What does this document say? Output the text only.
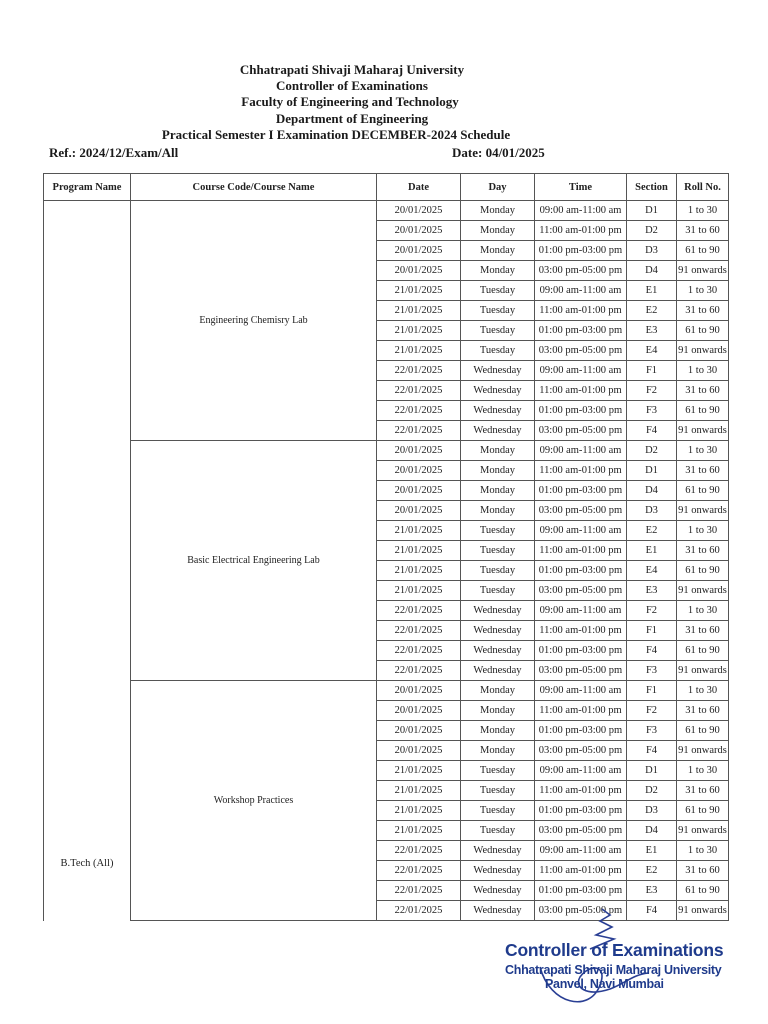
Chhatrapati Shivaji Maharaj University
Controller of Examinations
Faculty of Engineering and Technology
Department of Engineering
Practical Semester I Examination DECEMBER-2024 Schedule
Ref.: 2024/12/Exam/All	Date: 04/01/2025
Program Name	Course Code/Course Name	Date	Day	Time	Section	Roll No.
B.Tech (All)	Engineering Chemisry Lab	20/01/2025	Monday	09:00 am-11:00 am	D1	1 to 30
		20/01/2025	Monday	11:00 am-01:00 pm	D2	31 to 60
		20/01/2025	Monday	01:00 pm-03:00 pm	D3	61 to 90
		20/01/2025	Monday	03:00 pm-05:00 pm	D4	91 onwards
		21/01/2025	Tuesday	09:00 am-11:00 am	E1	1 to 30
		21/01/2025	Tuesday	11:00 am-01:00 pm	E2	31 to 60
		21/01/2025	Tuesday	01:00 pm-03:00 pm	E3	61 to 90
		21/01/2025	Tuesday	03:00 pm-05:00 pm	E4	91 onwards
		22/01/2025	Wednesday	09:00 am-11:00 am	F1	1 to 30
		22/01/2025	Wednesday	11:00 am-01:00 pm	F2	31 to 60
		22/01/2025	Wednesday	01:00 pm-03:00 pm	F3	61 to 90
		22/01/2025	Wednesday	03:00 pm-05:00 pm	F4	91 onwards
	Basic Electrical Engineering Lab	20/01/2025	Monday	09:00 am-11:00 am	D2	1 to 30
		20/01/2025	Monday	11:00 am-01:00 pm	D1	31 to 60
		20/01/2025	Monday	01:00 pm-03:00 pm	D4	61 to 90
		20/01/2025	Monday	03:00 pm-05:00 pm	D3	91 onwards
		21/01/2025	Tuesday	09:00 am-11:00 am	E2	1 to 30
		21/01/2025	Tuesday	11:00 am-01:00 pm	E1	31 to 60
		21/01/2025	Tuesday	01:00 pm-03:00 pm	E4	61 to 90
		21/01/2025	Tuesday	03:00 pm-05:00 pm	E3	91 onwards
		22/01/2025	Wednesday	09:00 am-11:00 am	F2	1 to 30
		22/01/2025	Wednesday	11:00 am-01:00 pm	F1	31 to 60
		22/01/2025	Wednesday	01:00 pm-03:00 pm	F4	61 to 90
		22/01/2025	Wednesday	03:00 pm-05:00 pm	F3	91 onwards
	Workshop Practices	20/01/2025	Monday	09:00 am-11:00 am	F1	1 to 30
		20/01/2025	Monday	11:00 am-01:00 pm	F2	31 to 60
		20/01/2025	Monday	01:00 pm-03:00 pm	F3	61 to 90
		20/01/2025	Monday	03:00 pm-05:00 pm	F4	91 onwards
		21/01/2025	Tuesday	09:00 am-11:00 am	D1	1 to 30
		21/01/2025	Tuesday	11:00 am-01:00 pm	D2	31 to 60
		21/01/2025	Tuesday	01:00 pm-03:00 pm	D3	61 to 90
		21/01/2025	Tuesday	03:00 pm-05:00 pm	D4	91 onwards
		22/01/2025	Wednesday	09:00 am-11:00 am	E1	1 to 30
		22/01/2025	Wednesday	11:00 am-01:00 pm	E2	31 to 60
		22/01/2025	Wednesday	01:00 pm-03:00 pm	E3	61 to 90
		22/01/2025	Wednesday	03:00 pm-05:00 pm	F4	91 onwards
Controller of Examinations
Chhatrapati Shivaji Maharaj University
Panvel, Navi Mumbai
